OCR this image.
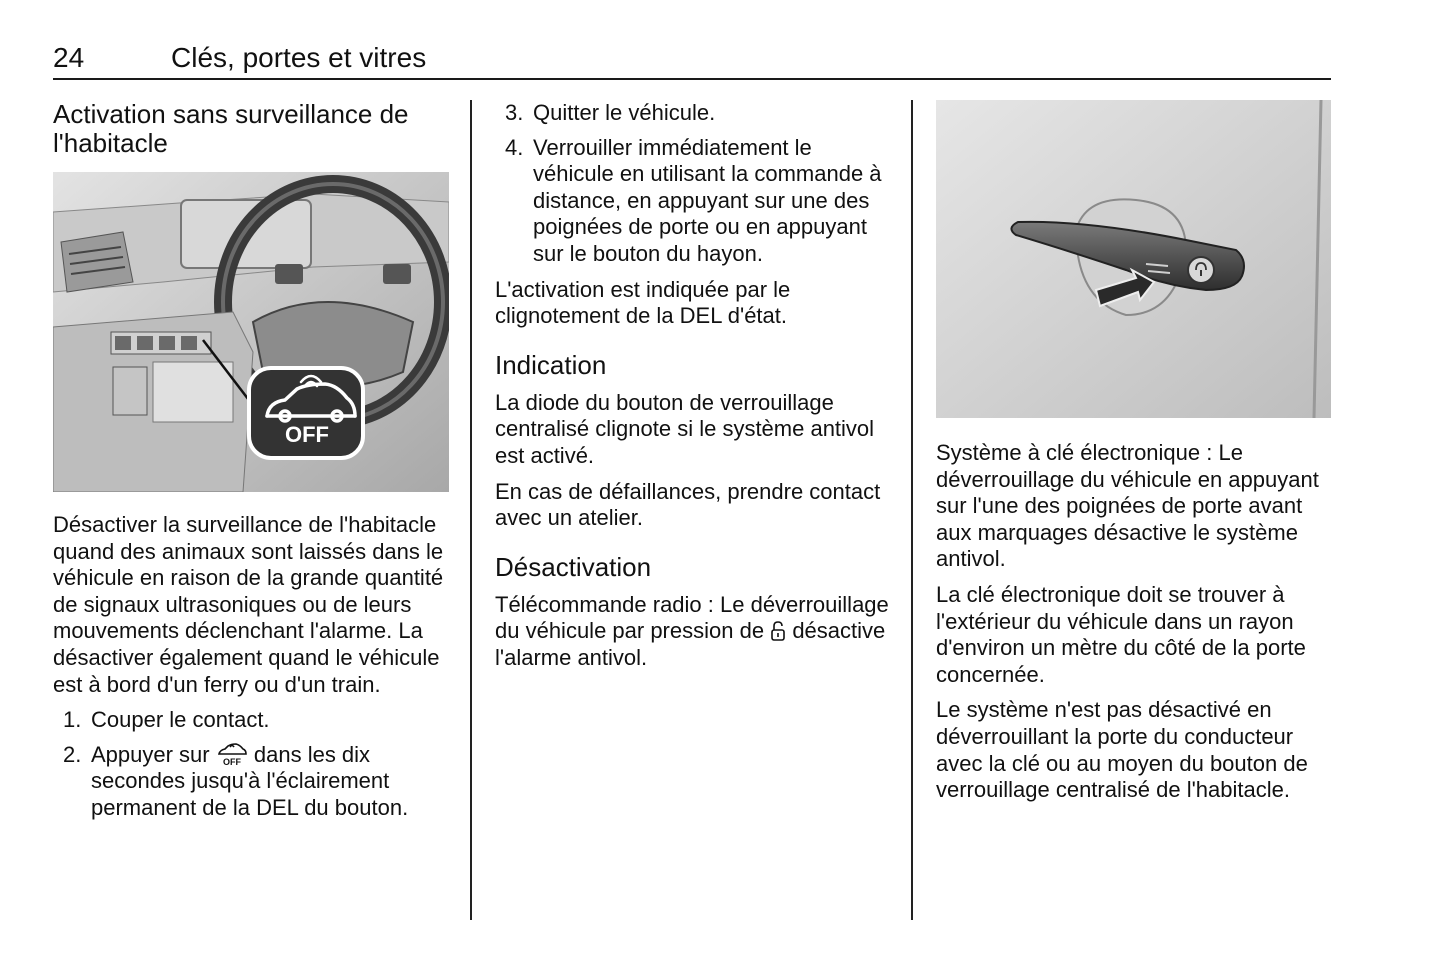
24	Clés, portes et vitres
Activation sans surveillance de
l'habitacle
OFF

Désactiver la surveillance de l'habitacle quand des animaux sont laissés dans le véhicule en raison de la grande quantité de signaux ultrasoniques ou de leurs mouvements déclenchant l'alarme. La désactiver également quand le véhicule est à bord d'un ferry ou d'un train.

1. Couper le contact.
2. Appuyer sur OFF dans les dix secondes jusqu'à l'éclairement permanent de la DEL du bouton.
3. Quitter le véhicule.
4. Verrouiller immédiatement le véhicule en utilisant la commande à distance, en appuyant sur une des poignées de porte ou en appuyant sur le bouton du hayon.

L'activation est indiquée par le clignotement de la DEL d'état.

Indication

La diode du bouton de verrouillage centralisé clignote si le système antivol est activé.

En cas de défaillances, prendre contact avec un atelier.

Désactivation

Télécommande radio : Le déverrouillage du véhicule par pression de désactive l'alarme antivol.

Système à clé électronique : Le déverrouillage du véhicule en appuyant sur l'une des poignées de porte avant aux marquages désactive le système antivol.

La clé électronique doit se trouver à l'extérieur du véhicule dans un rayon d'environ un mètre du côté de la porte concernée.

Le système n'est pas désactivé en déverrouillant la porte du conducteur avec la clé ou au moyen du bouton de verrouillage centralisé de l'habitacle.
